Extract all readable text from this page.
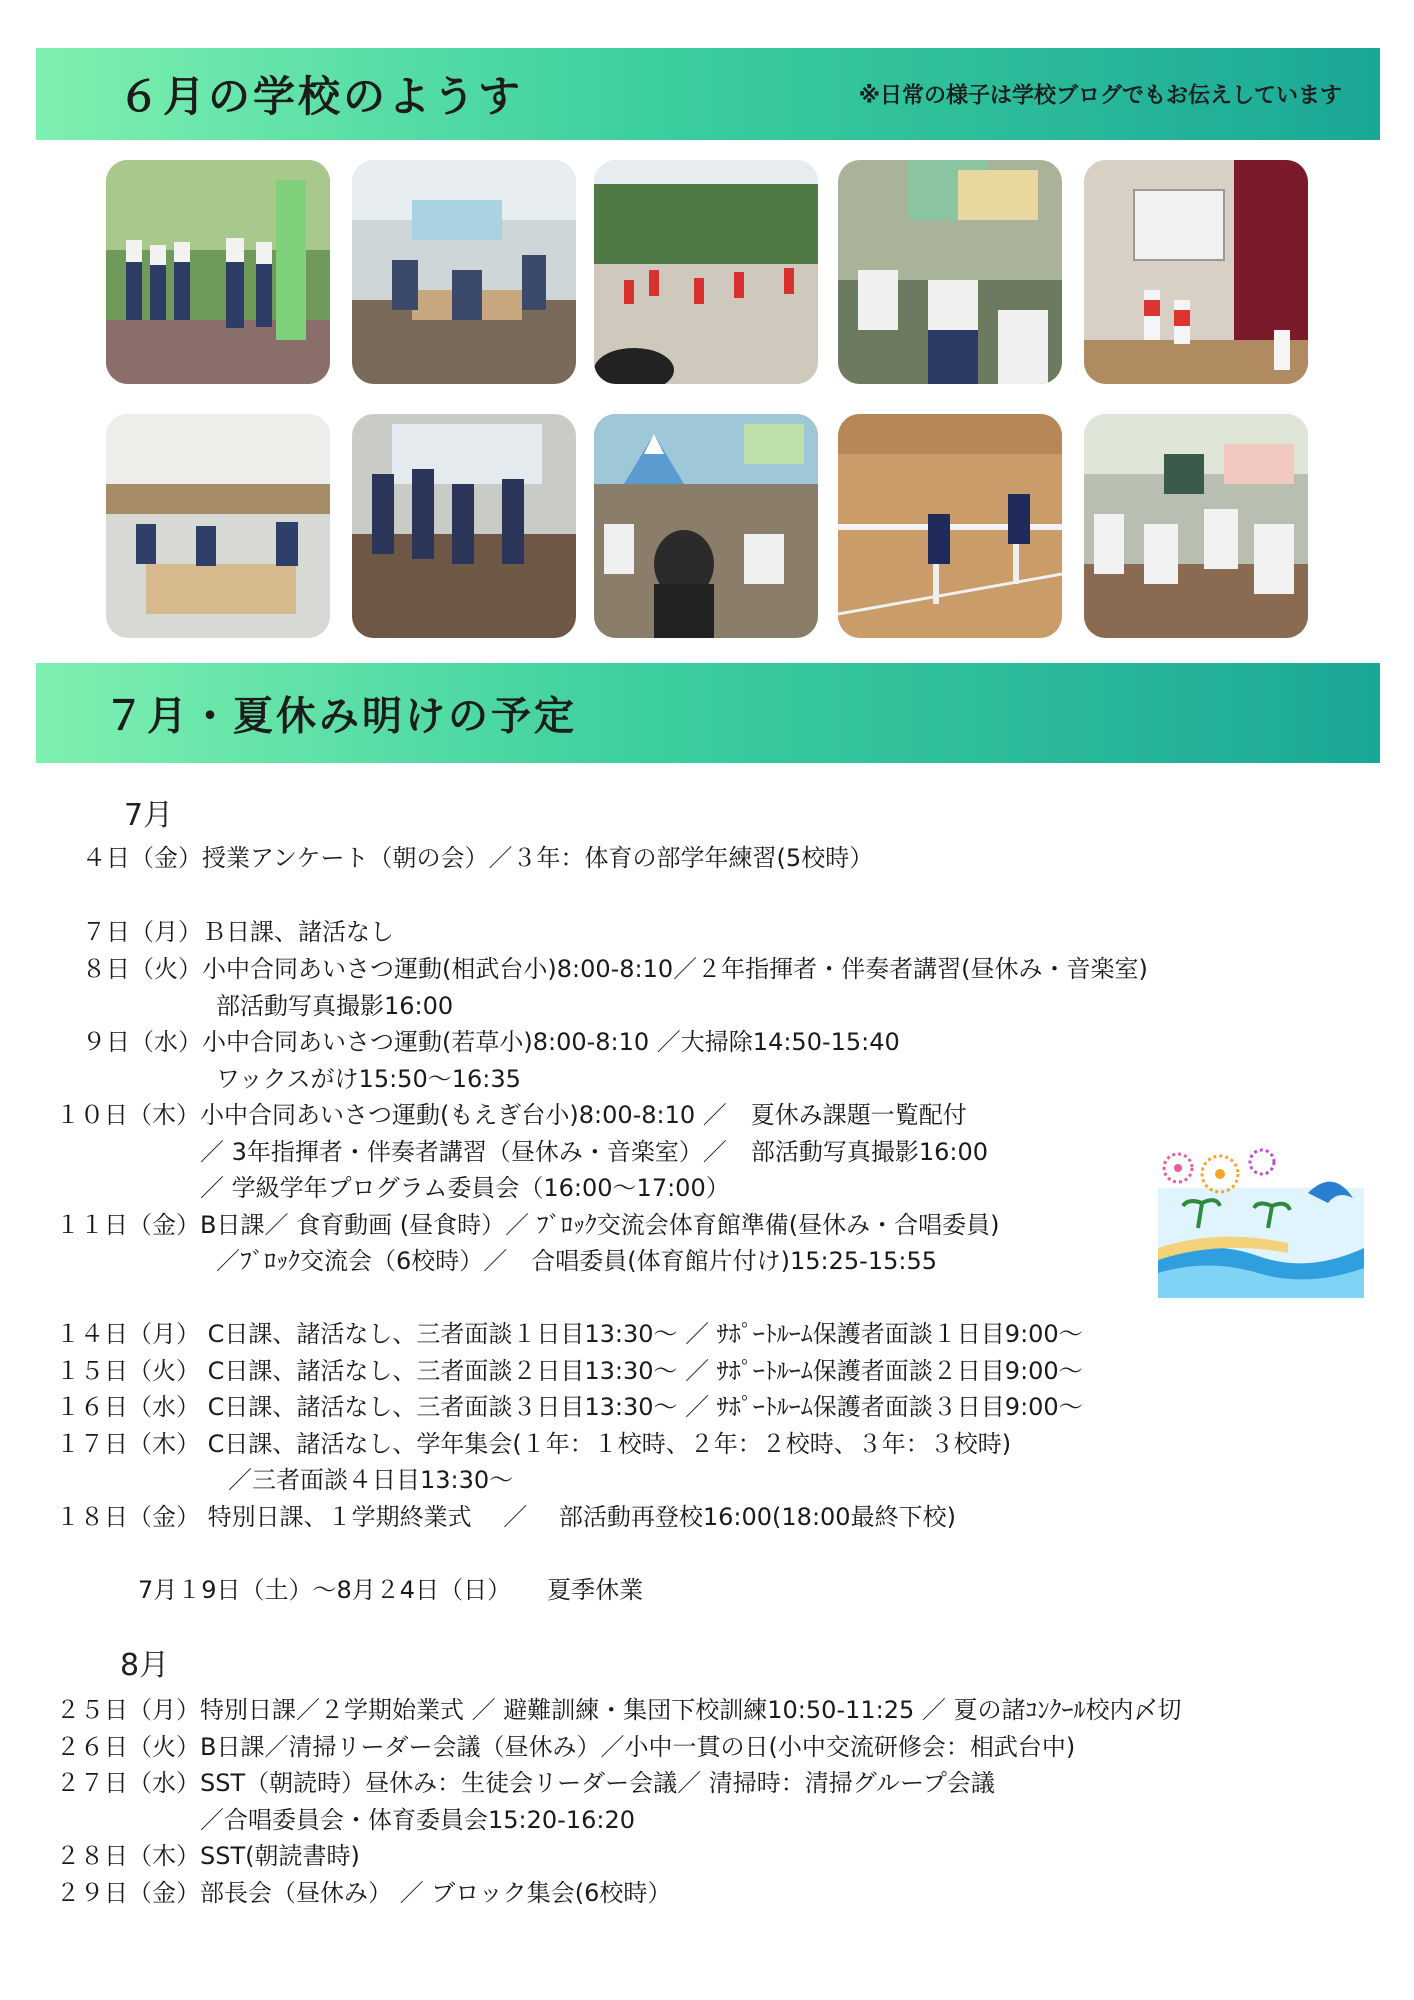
６月の学校のようす	※日常の様子は学校ブログでもお伝えしています
７月・夏休み明けの予定
7月
４日（金）授業アンケート（朝の会）／３年：体育の部学年練習(5校時）
７日（月）Ｂ日課、諸活なし
８日（火）小中合同あいさつ運動(相武台小)8:00-8:10／２年指揮者・伴奏者講習(昼休み・音楽室)
部活動写真撮影16:00
９日（水）小中合同あいさつ運動(若草小)8:00-8:10 ／大掃除14:50-15:40
ワックスがけ15:50～16:35
１０日（木）小中合同あいさつ運動(もえぎ台小)8:00-8:10 ／　夏休み課題一覧配付
／ 3年指揮者・伴奏者講習（昼休み・音楽室）／　部活動写真撮影16:00
／ 学級学年プログラム委員会（16:00～17:00）
１１日（金）B日課／ 食育動画 (昼食時）／ ﾌﾞﾛｯｸ交流会体育館準備(昼休み・合唱委員)
／ﾌﾞﾛｯｸ交流会（6校時）／　合唱委員(体育館片付け)15:25-15:55
１４日（月） C日課、諸活なし、三者面談１日目13:30～ ／ ｻﾎﾟｰﾄﾙｰﾑ保護者面談１日目9:00～
１５日（火） C日課、諸活なし、三者面談２日目13:30～ ／ ｻﾎﾟｰﾄﾙｰﾑ保護者面談２日目9:00～
１６日（水） C日課、諸活なし、三者面談３日目13:30～ ／ ｻﾎﾟｰﾄﾙｰﾑ保護者面談３日目9:00～
１７日（木） C日課、諸活なし、学年集会(１年：１校時、２年：２校時、３年：３校時)
／三者面談４日目13:30～
１８日（金） 特別日課、１学期終業式　 ／　 部活動再登校16:00(18:00最終下校)
7月１9日（土）～8月２4日（日）　　夏季休業
8月
２５日（月）特別日課／２学期始業式 ／ 避難訓練・集団下校訓練10:50-11:25 ／ 夏の諸ｺﾝｸｰﾙ校内〆切
２６日（火）B日課／清掃リーダー会議（昼休み）／小中一貫の日(小中交流研修会：相武台中)
２７日（水）SST（朝読時）昼休み：生徒会リーダー会議／ 清掃時：清掃グループ会議
／合唱委員会・体育委員会15:20-16:20
２８日（木）SST(朝読書時)
２９日（金）部長会（昼休み） ／ ブロック集会(6校時）
